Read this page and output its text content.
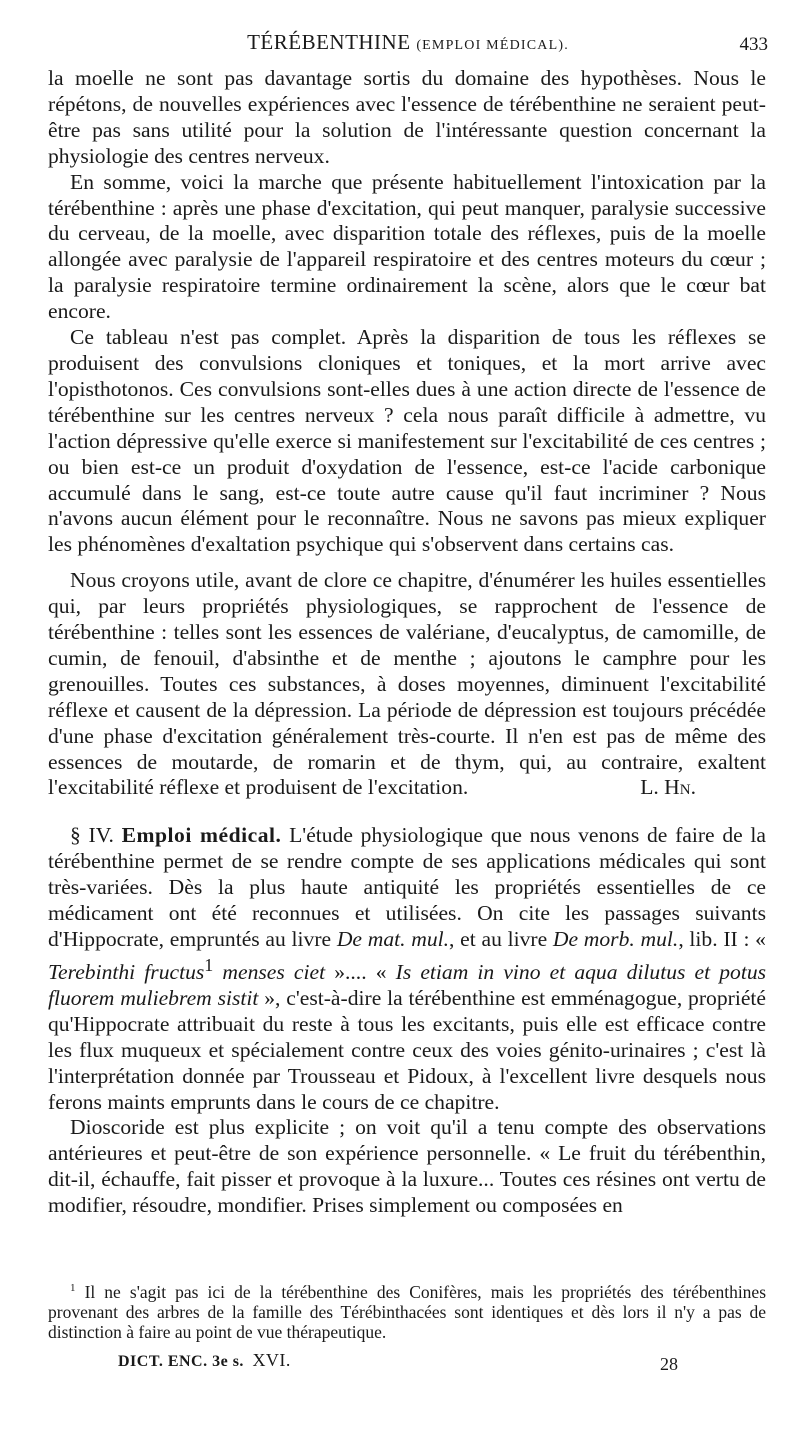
TÉRÉBENTHINE (EMPLOI MÉDICAL).	433

la moelle ne sont pas davantage sortis du domaine des hypothèses. Nous le répétons, de nouvelles expériences avec l'essence de térébenthine ne seraient peut-être pas sans utilité pour la solution de l'intéressante question concernant la physiologie des centres nerveux.

En somme, voici la marche que présente habituellement l'intoxication par la térébenthine : après une phase d'excitation, qui peut manquer, paralysie successive du cerveau, de la moelle, avec disparition totale des réflexes, puis de la moelle allongée avec paralysie de l'appareil respiratoire et des centres moteurs du cœur ; la paralysie respiratoire termine ordinairement la scène, alors que le cœur bat encore.

Ce tableau n'est pas complet. Après la disparition de tous les réflexes se produisent des convulsions cloniques et toniques, et la mort arrive avec l'opisthotonos. Ces convulsions sont-elles dues à une action directe de l'essence de térébenthine sur les centres nerveux ? cela nous paraît difficile à admettre, vu l'action dépressive qu'elle exerce si manifestement sur l'excitabilité de ces centres ; ou bien est-ce un produit d'oxydation de l'essence, est-ce l'acide carbonique accumulé dans le sang, est-ce toute autre cause qu'il faut incriminer ? Nous n'avons aucun élément pour le reconnaître. Nous ne savons pas mieux expliquer les phénomènes d'exaltation psychique qui s'observent dans certains cas.

Nous croyons utile, avant de clore ce chapitre, d'énumérer les huiles essentielles qui, par leurs propriétés physiologiques, se rapprochent de l'essence de térébenthine : telles sont les essences de valériane, d'eucalyptus, de camomille, de cumin, de fenouil, d'absinthe et de menthe ; ajoutons le camphre pour les grenouilles. Toutes ces substances, à doses moyennes, diminuent l'excitabilité réflexe et causent de la dépression. La période de dépression est toujours précédée d'une phase d'excitation généralement très-courte. Il n'en est pas de même des essences de moutarde, de romarin et de thym, qui, au contraire, exaltent l'excitabilité réflexe et produisent de l'excitation.	L. Hn.

§ IV. Emploi médical. L'étude physiologique que nous venons de faire de la térébenthine permet de se rendre compte de ses applications médicales qui sont très-variées. Dès la plus haute antiquité les propriétés essentielles de ce médicament ont été reconnues et utilisées. On cite les passages suivants d'Hippocrate, empruntés au livre De mat. mul., et au livre De morb. mul., lib. II : « Terebinthi fructus$^1$ menses ciet ».... « Is etiam in vino et aqua dilutus et potus fluorem muliebrem sistit », c'est-à-dire la térébenthine est emménagogue, propriété qu'Hippocrate attribuait du reste à tous les excitants, puis elle est efficace contre les flux muqueux et spécialement contre ceux des voies génito-urinaires ; c'est là l'interprétation donnée par Trousseau et Pidoux, à l'excellent livre desquels nous ferons maints emprunts dans le cours de ce chapitre.

Dioscoride est plus explicite ; on voit qu'il a tenu compte des observations antérieures et peut-être de son expérience personnelle. « Le fruit du térébenthin, dit-il, échauffe, fait pisser et provoque à la luxure... Toutes ces résines ont vertu de modifier, résoudre, mondifier. Prises simplement ou composées en

$^1$ Il ne s'agit pas ici de la térébenthine des Conifères, mais les propriétés des térébenthines provenant des arbres de la famille des Térébinthacées sont identiques et dès lors il n'y a pas de distinction à faire au point de vue thérapeutique.

DICT. ENC. 3e s. XVI.	28
